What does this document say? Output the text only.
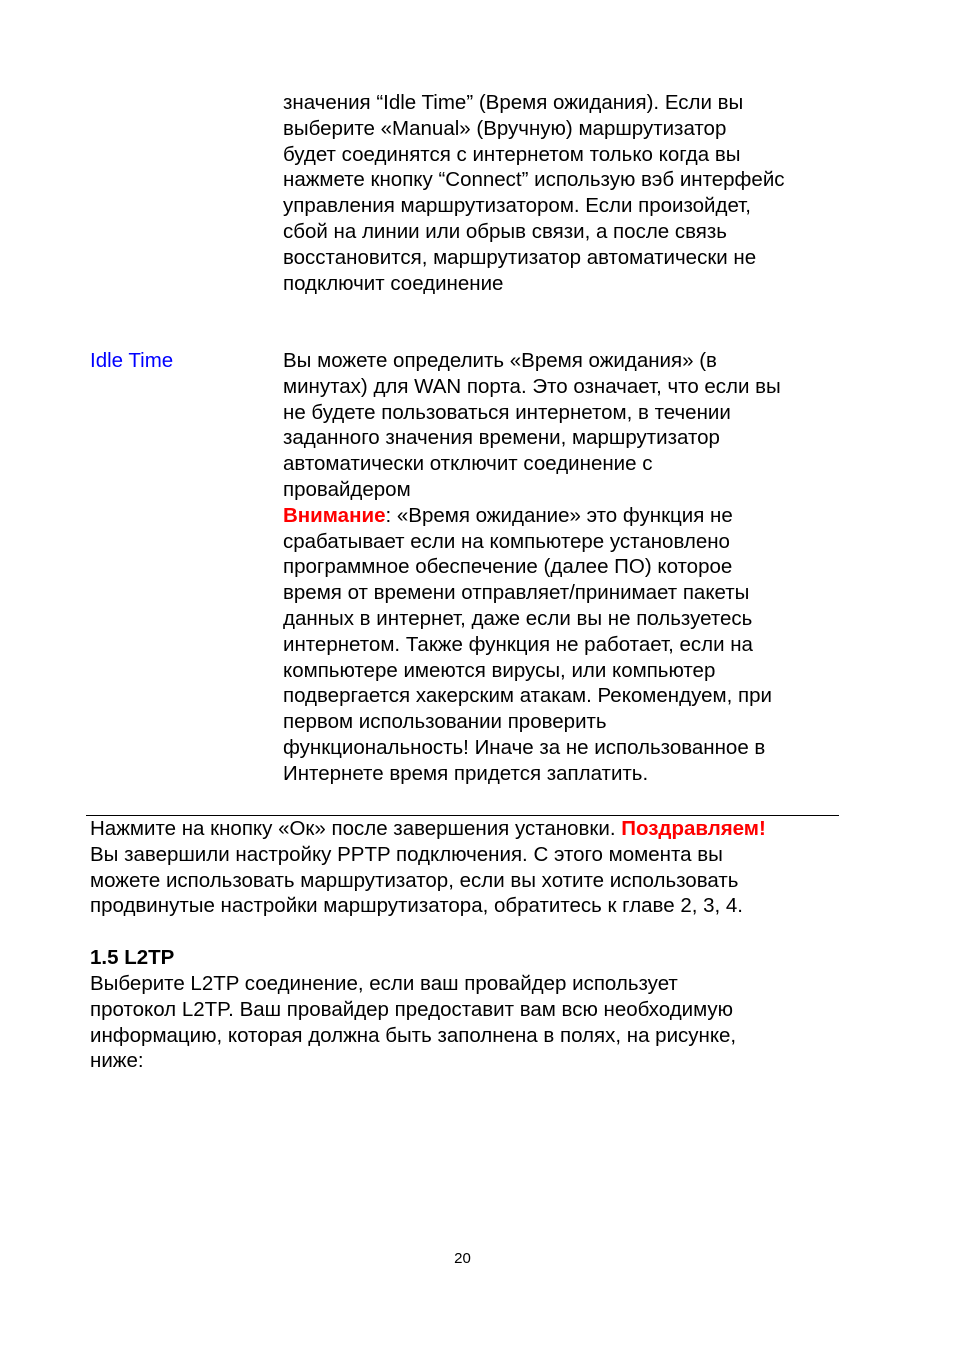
значения “Idle Time” (Время ожидания). Если вы
выберите «Manual» (Вручную) маршрутизатор
будет соединятся с интернетом только когда вы
нажмете кнопку “Connect” использую вэб интерфейс
управления маршрутизатором. Если произойдет,
сбой на линии или обрыв связи, а после связь
восстановится, маршрутизатор автоматически не
подключит соединение
Idle Time	Вы можете определить «Время ожидания» (в
минутах) для WAN порта. Это означает, что если вы
не будете пользоваться интернетом, в течении
заданного значения времени, маршрутизатор
автоматически отключит соединение с
провайдером
Внимание: «Время ожидание» это функция не
срабатывает если на компьютере установлено
программное обеспечение (далее ПО) которое
время от времени отправляет/принимает пакеты
данных в интернет, даже если вы не пользуетесь
интернетом. Также функция не работает, если на
компьютере имеются вирусы, или компьютер
подвергается хакерским атакам. Рекомендуем, при
первом использовании проверить
функциональность! Иначе за не использованное в
Интернете время придется заплатить.
Нажмите на кнопку «Ок» после завершения установки. Поздравляем!
Вы завершили настройку PPTP подключения. С этого момента вы
можете использовать маршрутизатор, если вы хотите использовать
продвинутые настройки маршрутизатора, обратитесь к главе 2, 3, 4.
1.5 L2TP
Выберите L2TP соединение, если ваш провайдер использует
протокол L2TP. Ваш провайдер предоставит вам всю необходимую
информацию, которая должна быть заполнена в полях, на рисунке,
ниже:
20
